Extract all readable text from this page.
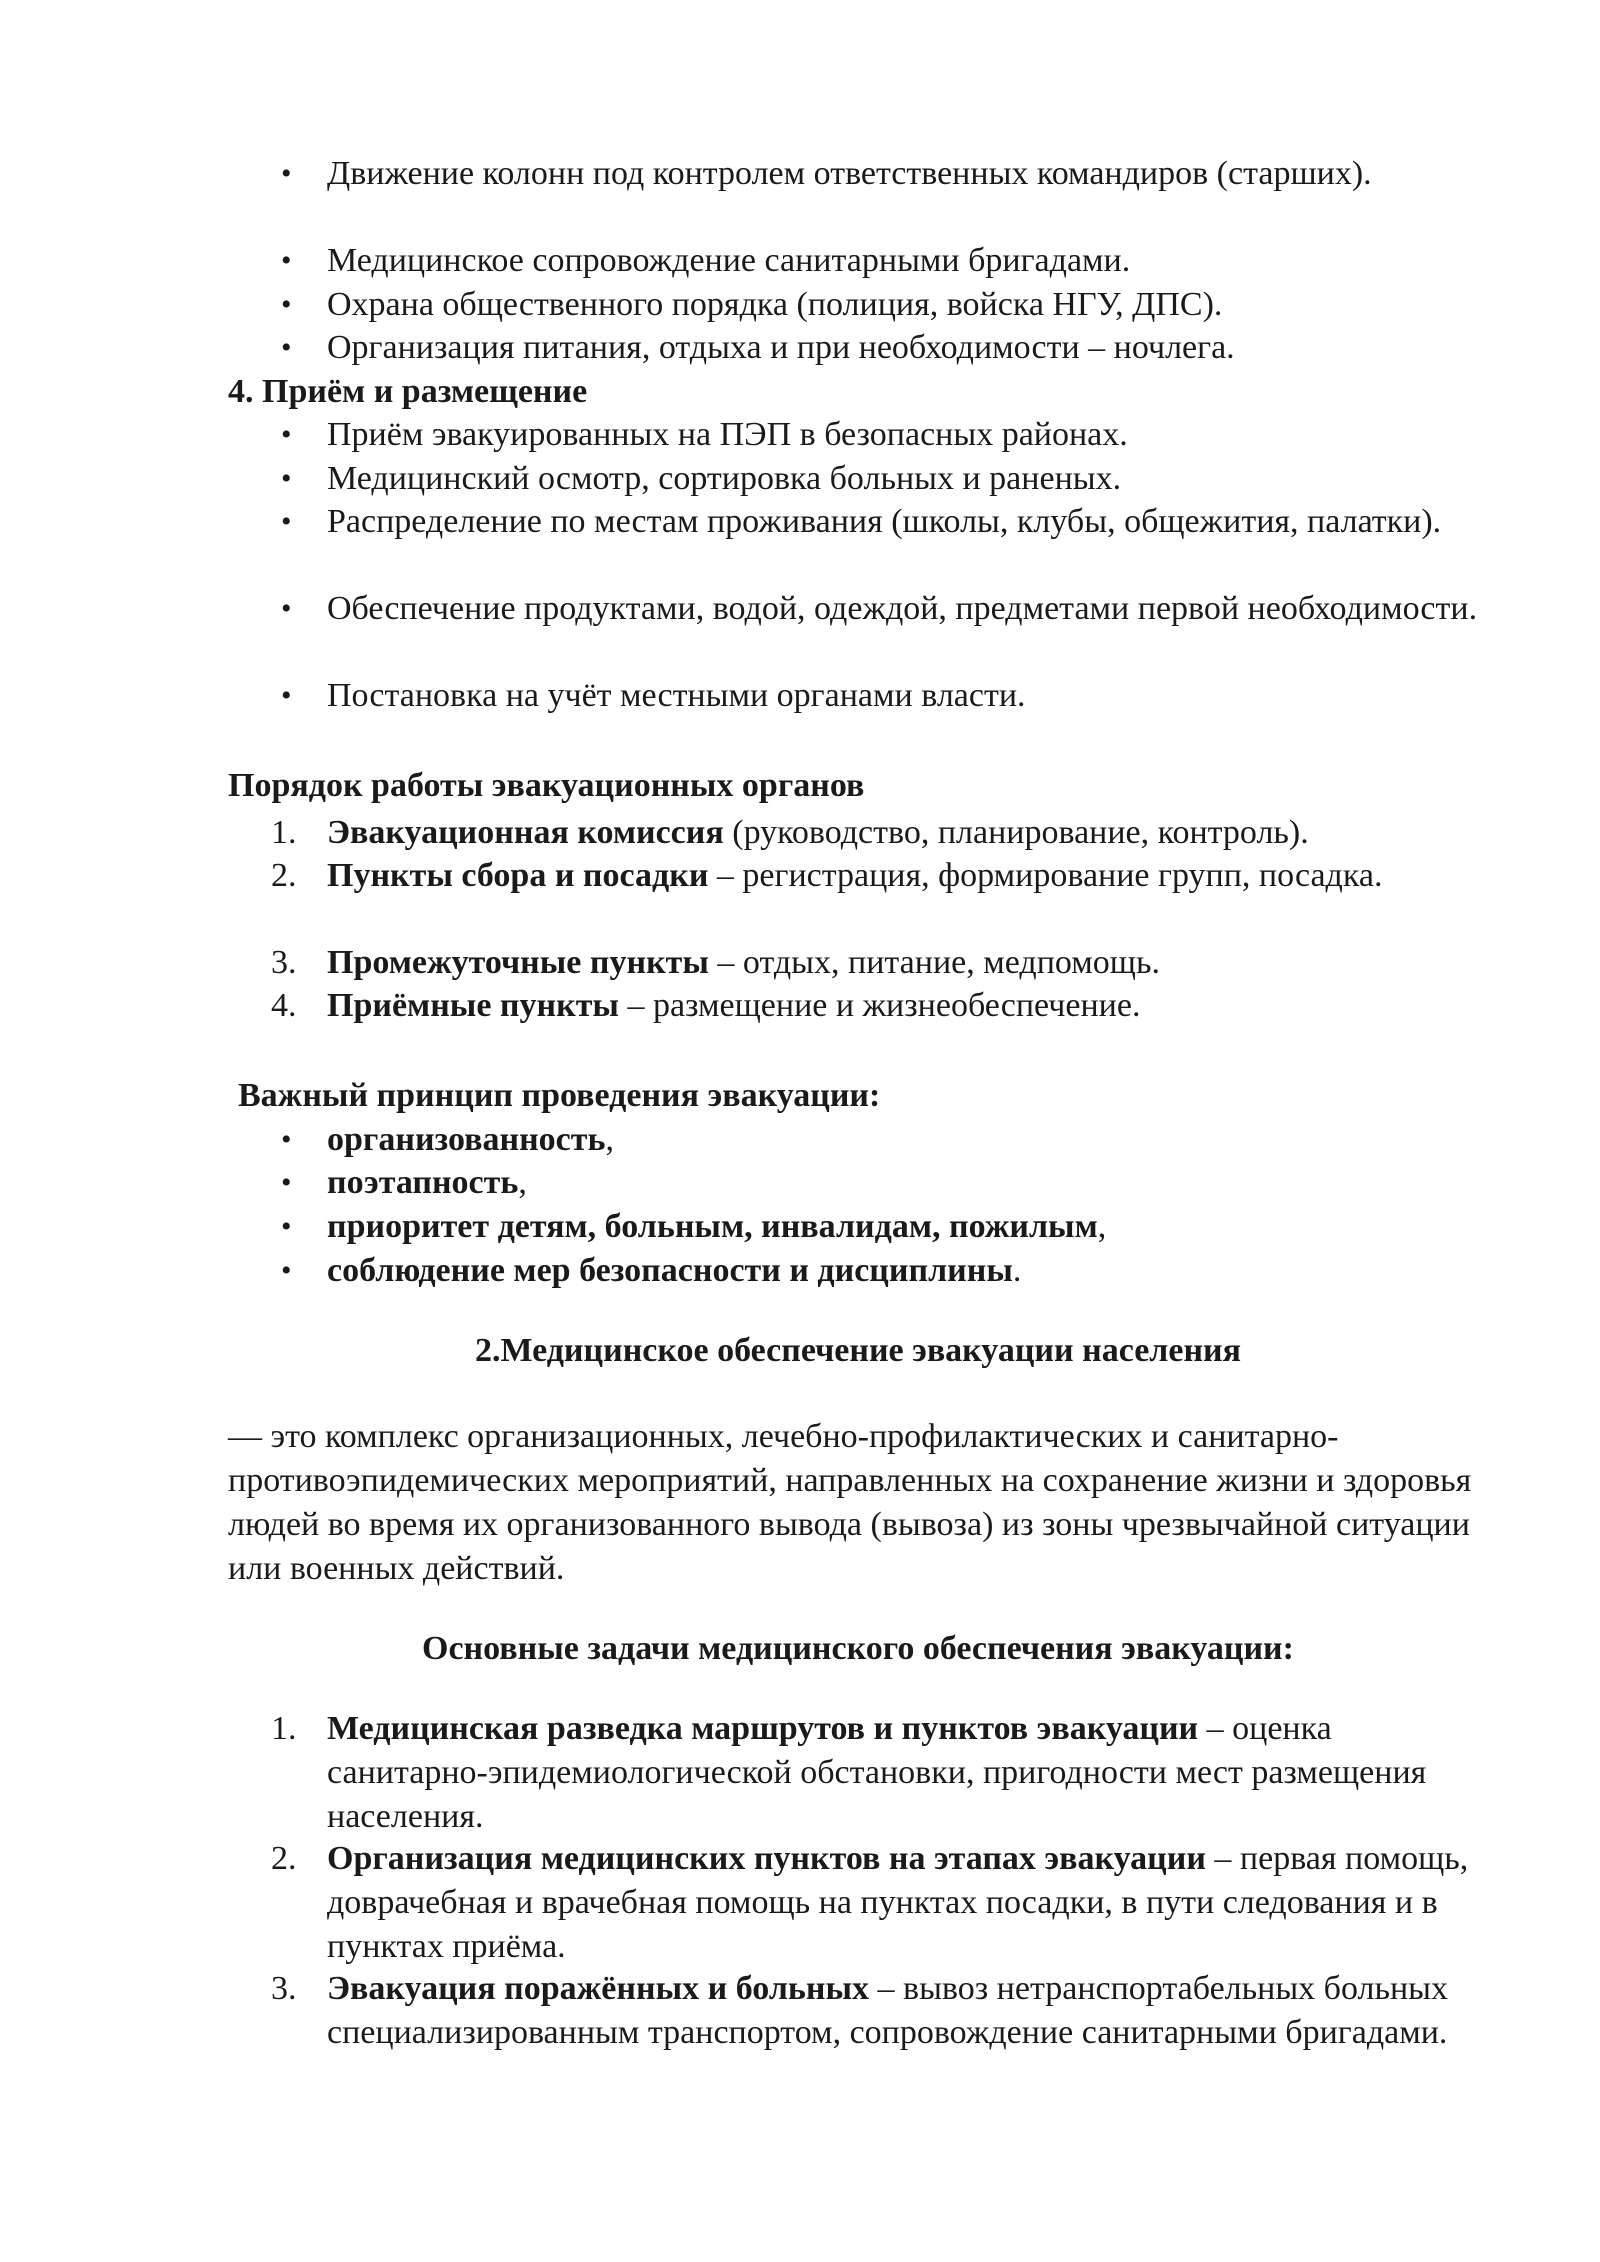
• Движение колонн под контролем ответственных командиров (старших).

• Медицинское сопровождение санитарными бригадами.

• Охрана общественного порядка (полиция, войска НГУ, ДПС).

• Организация питания, отдыха и при необходимости – ночлега.

4. Приём и размещение

• Приём эвакуированных на ПЭП в безопасных районах.

• Медицинский осмотр, сортировка больных и раненых.

• Распределение по местам проживания (школы, клубы, общежития, палатки).

• Обеспечение продуктами, водой, одеждой, предметами первой необходимости.

• Постановка на учёт местными органами власти.

Порядок работы эвакуационных органов

1. Эвакуационная комиссия (руководство, планирование, контроль).

2. Пункты сбора и посадки – регистрация, формирование групп, посадка.

3. Промежуточные пункты – отдых, питание, медпомощь.

4. Приёмные пункты – размещение и жизнеобеспечение.

Важный принцип проведения эвакуации:

• организованность,

• поэтапность,

• приоритет детям, больным, инвалидам, пожилым,

• соблюдение мер безопасности и дисциплины.

2.Медицинское обеспечение эвакуации населения

— это комплекс организационных, лечебно-профилактических и санитарно-противоэпидемических мероприятий, направленных на сохранение жизни и здоровья людей во время их организованного вывода (вывоза) из зоны чрезвычайной ситуации или военных действий.

Основные задачи медицинского обеспечения эвакуации:

1. Медицинская разведка маршрутов и пунктов эвакуации – оценка санитарно-эпидемиологической обстановки, пригодности мест размещения населения.

2. Организация медицинских пунктов на этапах эвакуации – первая помощь, доврачебная и врачебная помощь на пунктах посадки, в пути следования и в пунктах приёма.

3. Эвакуация поражённых и больных – вывоз нетранспортабельных больных специализированным транспортом, сопровождение санитарными бригадами.
